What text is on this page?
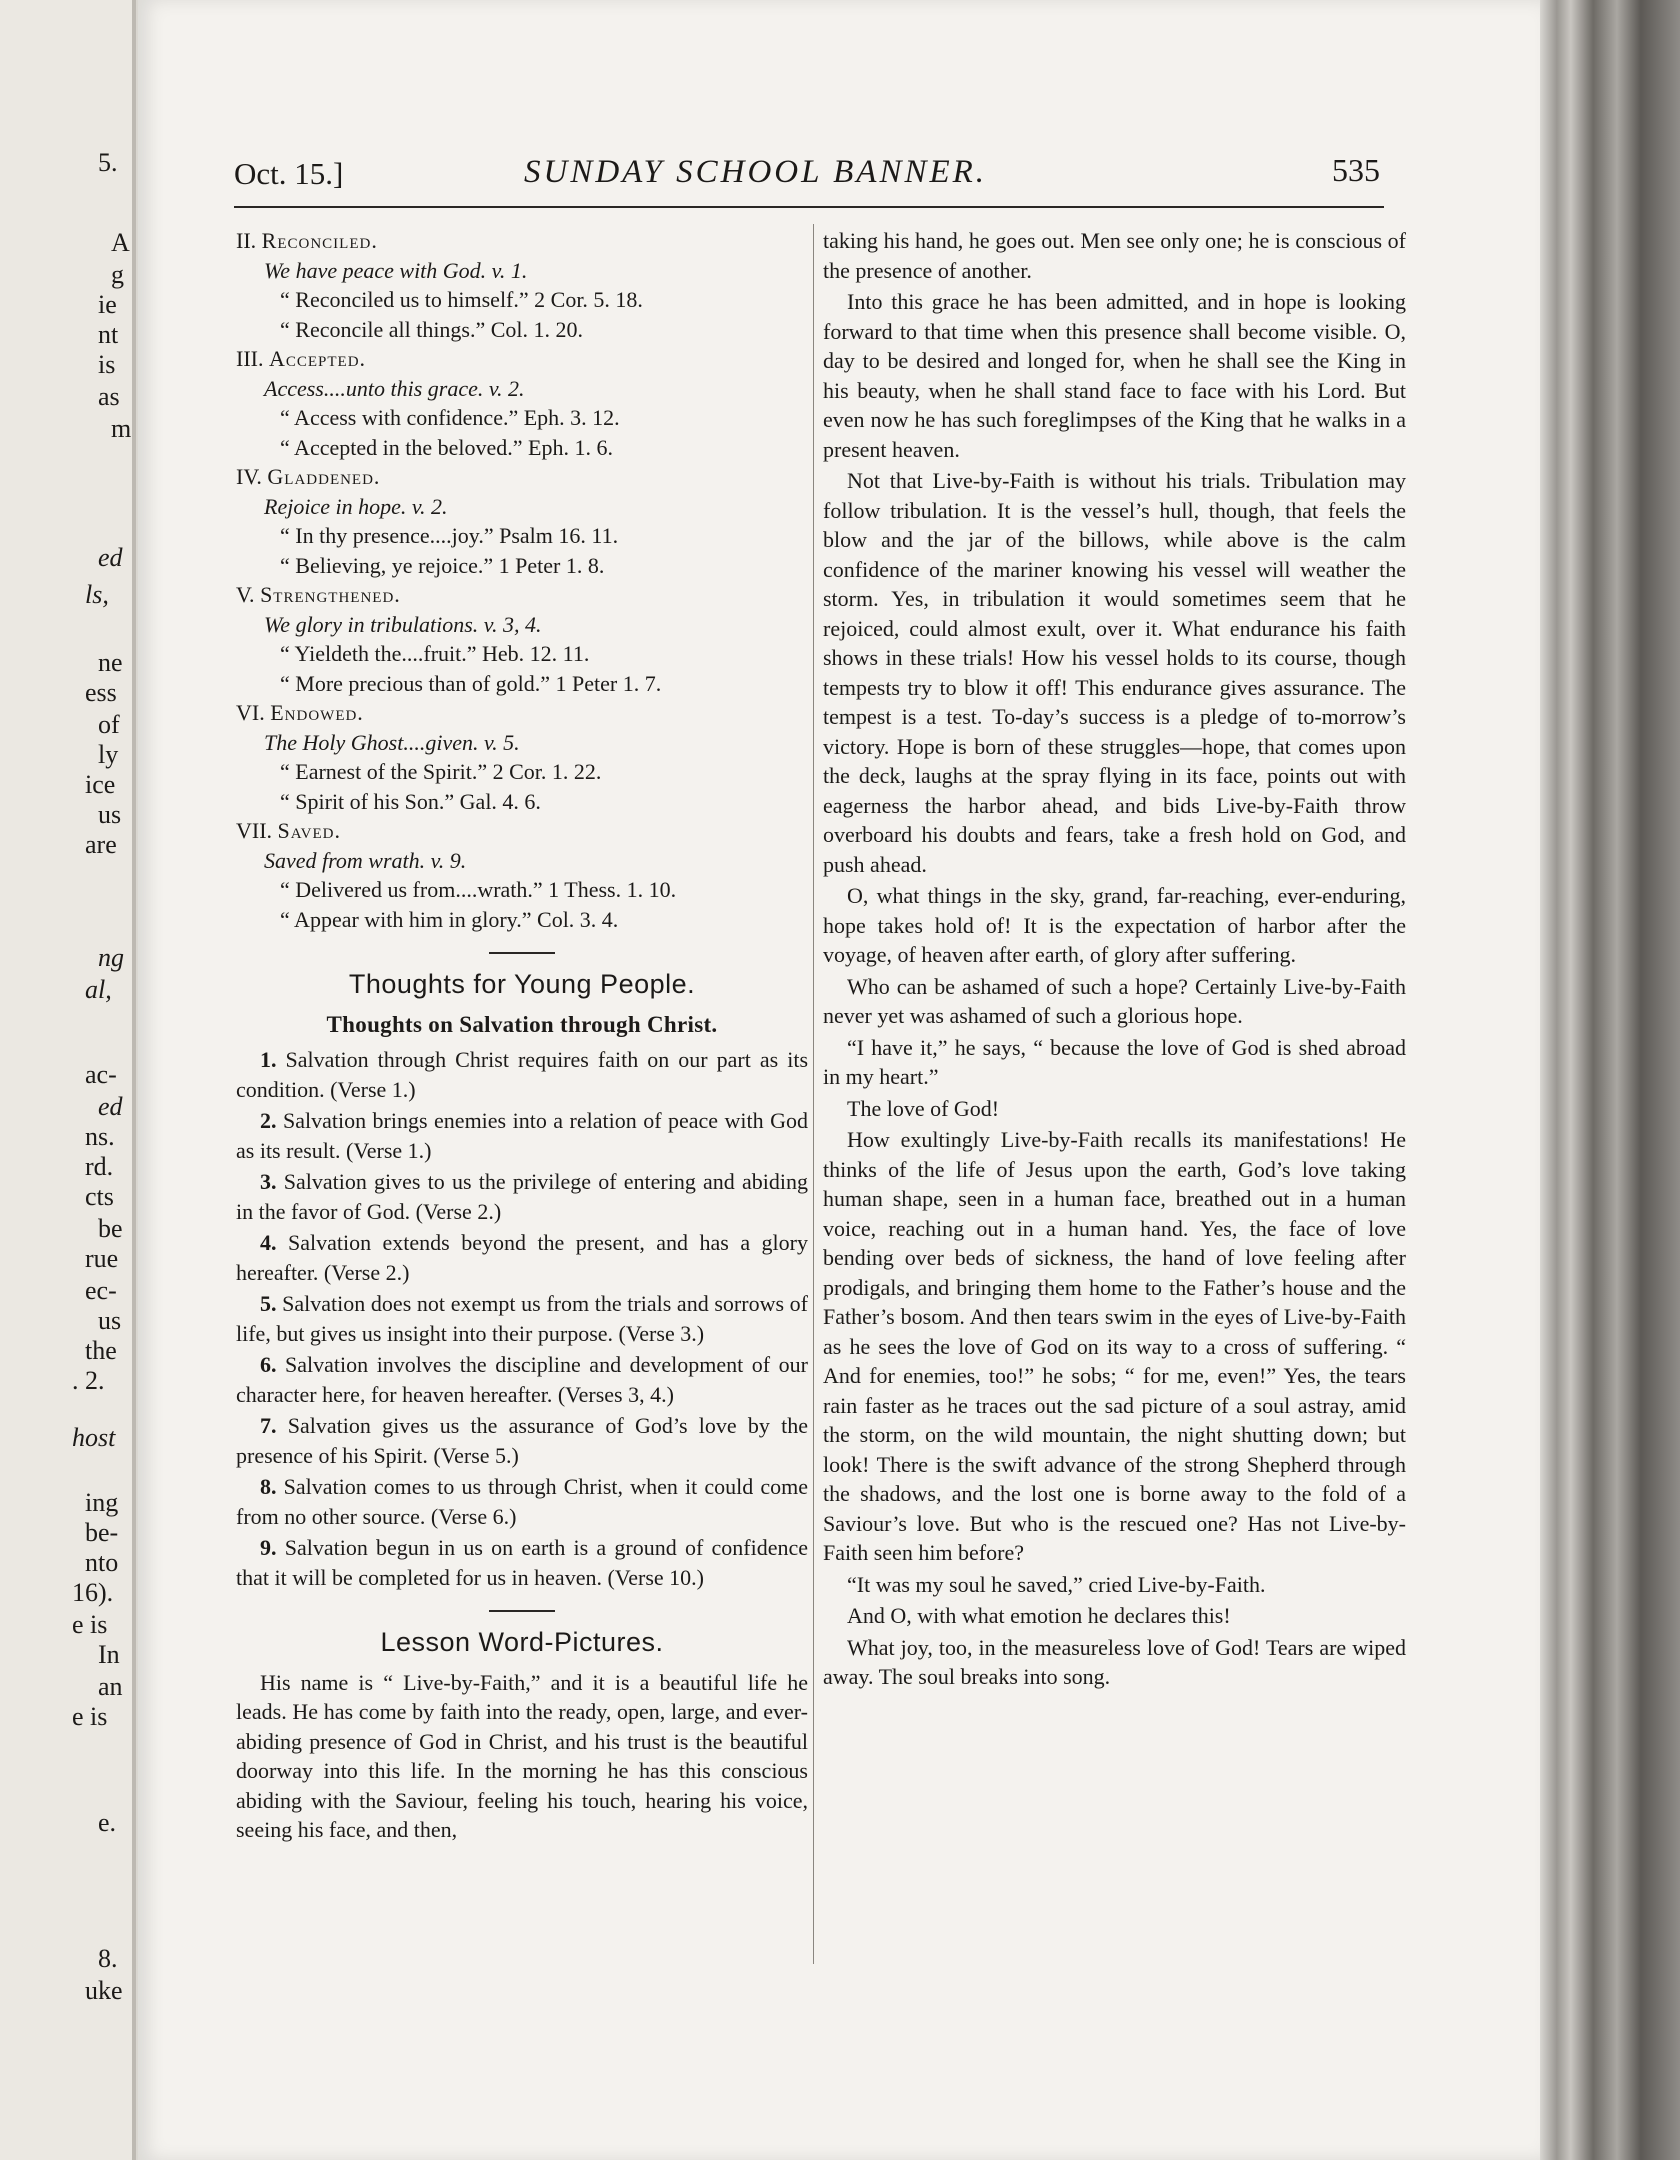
5.
A
g
ie
nt
is
as
m
ed
ls,
ne
ess
of
ly
ice
us
are
ng
al,
ac-
ed
ns.
rd.
cts
be
rue
ec-
us
the
. 2.
host
ing
be-
nto
16).
e is
In
an
e is
e.
8.
uke
Oct. 15.]	SUNDAY SCHOOL BANNER.	535
II. Reconciled.
We have peace with God. v. 1.
“ Reconciled us to himself.” 2 Cor. 5. 18.
“ Reconcile all things.” Col. 1. 20.
III. Accepted.
Access....unto this grace. v. 2.
“ Access with confidence.” Eph. 3. 12.
“ Accepted in the beloved.” Eph. 1. 6.
IV. Gladdened.
Rejoice in hope. v. 2.
“ In thy presence....joy.” Psalm 16. 11.
“ Believing, ye rejoice.” 1 Peter 1. 8.
V. Strengthened.
We glory in tribulations. v. 3, 4.
“ Yieldeth the....fruit.” Heb. 12. 11.
“ More precious than of gold.” 1 Peter 1. 7.
VI. Endowed.
The Holy Ghost....given. v. 5.
“ Earnest of the Spirit.” 2 Cor. 1. 22.
“ Spirit of his Son.” Gal. 4. 6.
VII. Saved.
Saved from wrath. v. 9.
“ Delivered us from....wrath.” 1 Thess. 1. 10.
“ Appear with him in glory.” Col. 3. 4.
Thoughts for Young People.
Thoughts on Salvation through Christ.

1. Salvation through Christ requires faith on our part as its condition. (Verse 1.)

2. Salvation brings enemies into a relation of peace with God as its result. (Verse 1.)

3. Salvation gives to us the privilege of entering and abiding in the favor of God. (Verse 2.)

4. Salvation extends beyond the present, and has a glory hereafter. (Verse 2.)

5. Salvation does not exempt us from the trials and sorrows of life, but gives us insight into their purpose. (Verse 3.)

6. Salvation involves the discipline and development of our character here, for heaven hereafter. (Verses 3, 4.)

7. Salvation gives us the assurance of God’s love by the presence of his Spirit. (Verse 5.)

8. Salvation comes to us through Christ, when it could come from no other source. (Verse 6.)

9. Salvation begun in us on earth is a ground of confidence that it will be completed for us in heaven. (Verse 10.)

Lesson Word-Pictures.

His name is “ Live-by-Faith,” and it is a beautiful life he leads. He has come by faith into the ready, open, large, and ever-abiding presence of God in Christ, and his trust is the beautiful doorway into this life. In the morning he has this conscious abiding with the Saviour, feeling his touch, hearing his voice, seeing his face, and then,

taking his hand, he goes out. Men see only one; he is conscious of the presence of another.

Into this grace he has been admitted, and in hope is looking forward to that time when this presence shall become visible. O, day to be desired and longed for, when he shall see the King in his beauty, when he shall stand face to face with his Lord. But even now he has such foreglimpses of the King that he walks in a present heaven.

Not that Live-by-Faith is without his trials. Tribulation may follow tribulation. It is the vessel’s hull, though, that feels the blow and the jar of the billows, while above is the calm confidence of the mariner knowing his vessel will weather the storm. Yes, in tribulation it would sometimes seem that he rejoiced, could almost exult, over it. What endurance his faith shows in these trials! How his vessel holds to its course, though tempests try to blow it off! This endurance gives assurance. The tempest is a test. To-day’s success is a pledge of to-morrow’s victory. Hope is born of these struggles—hope, that comes upon the deck, laughs at the spray flying in its face, points out with eagerness the harbor ahead, and bids Live-by-Faith throw overboard his doubts and fears, take a fresh hold on God, and push ahead.

O, what things in the sky, grand, far-reaching, ever-enduring, hope takes hold of! It is the expectation of harbor after the voyage, of heaven after earth, of glory after suffering.

Who can be ashamed of such a hope? Certainly Live-by-Faith never yet was ashamed of such a glorious hope.

“I have it,” he says, “ because the love of God is shed abroad in my heart.”

The love of God!

How exultingly Live-by-Faith recalls its manifestations! He thinks of the life of Jesus upon the earth, God’s love taking human shape, seen in a human face, breathed out in a human voice, reaching out in a human hand. Yes, the face of love bending over beds of sickness, the hand of love feeling after prodigals, and bringing them home to the Father’s house and the Father’s bosom. And then tears swim in the eyes of Live-by-Faith as he sees the love of God on its way to a cross of suffering. “ And for enemies, too!” he sobs; “ for me, even!” Yes, the tears rain faster as he traces out the sad picture of a soul astray, amid the storm, on the wild mountain, the night shutting down; but look! There is the swift advance of the strong Shepherd through the shadows, and the lost one is borne away to the fold of a Saviour’s love. But who is the rescued one? Has not Live-by-Faith seen him before?

“It was my soul he saved,” cried Live-by-Faith.

And O, with what emotion he declares this!

What joy, too, in the measureless love of God! Tears are wiped away. The soul breaks into song.
